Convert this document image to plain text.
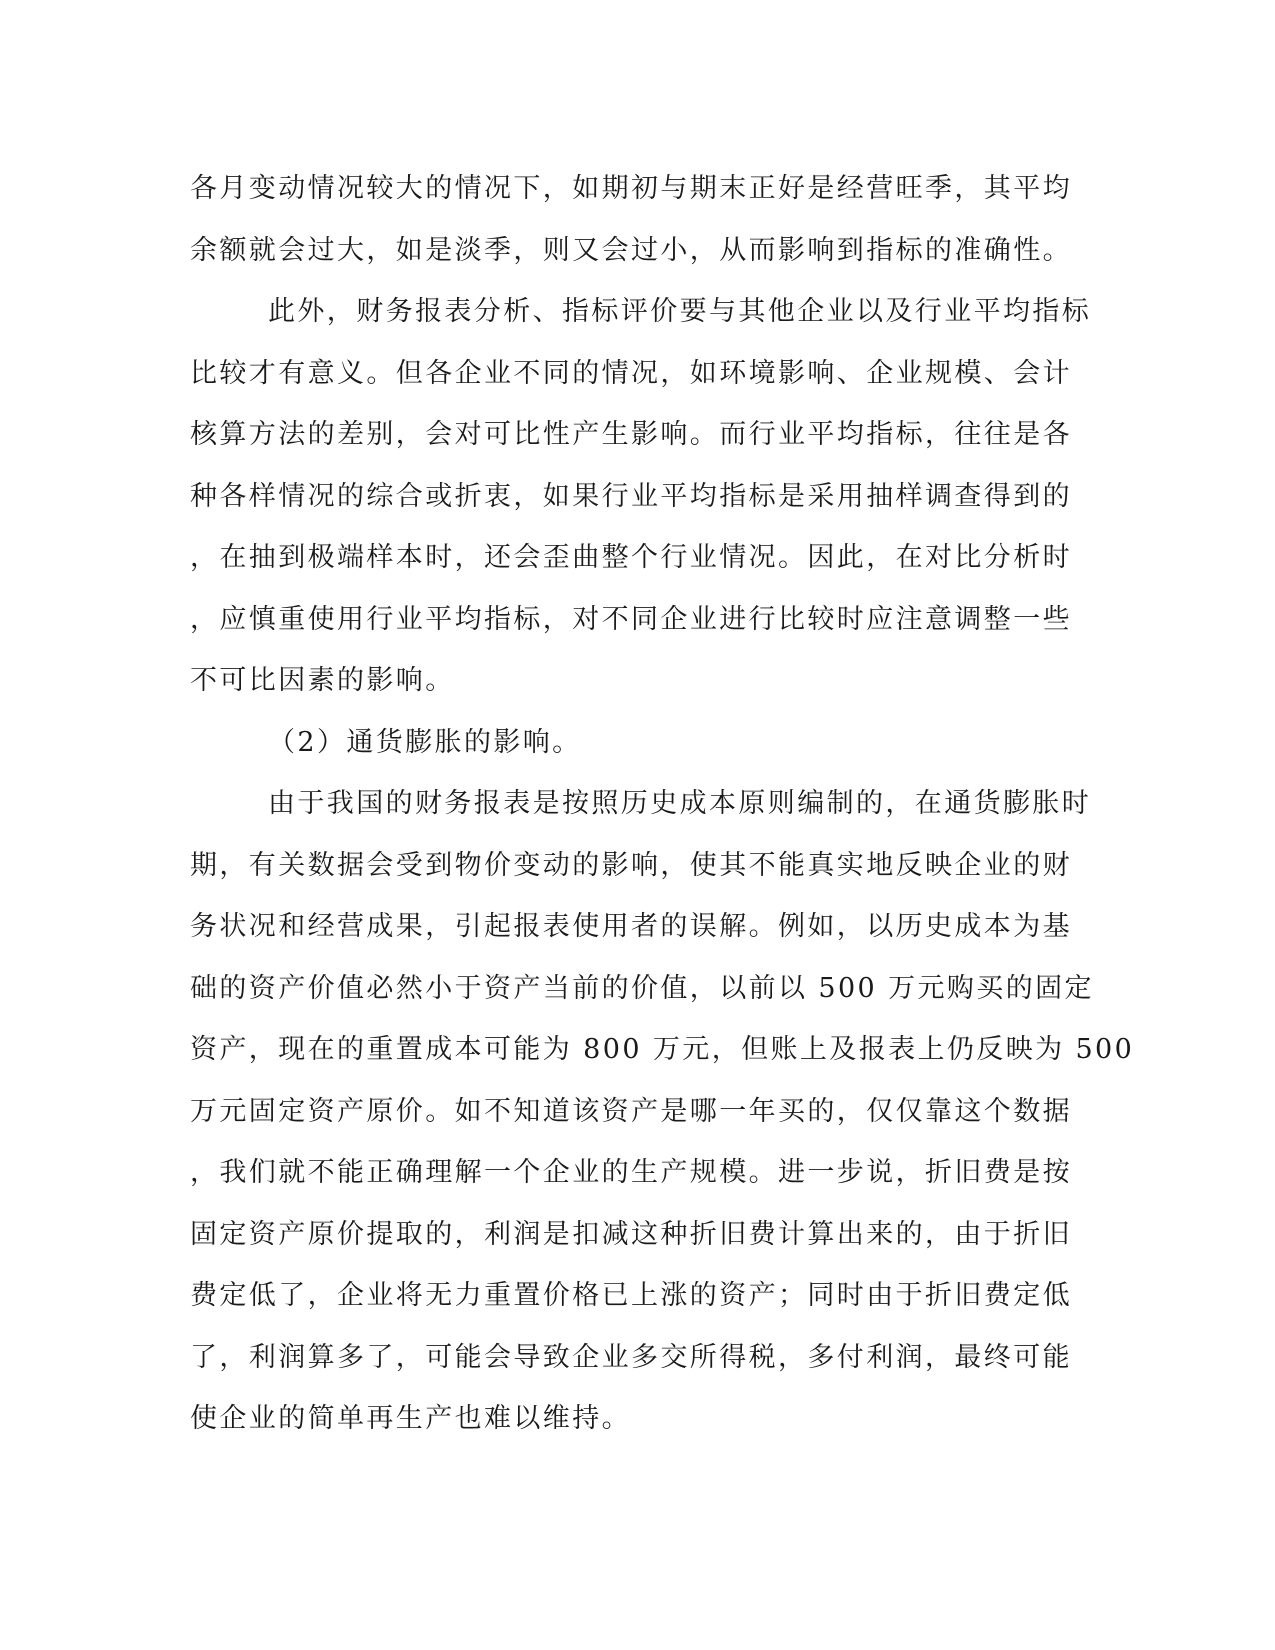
各月变动情况较大的情况下，如期初与期末正好是经营旺季，其平均
余额就会过大，如是淡季，则又会过小，从而影响到指标的准确性。
此外，财务报表分析、指标评价要与其他企业以及行业平均指标
比较才有意义。但各企业不同的情况，如环境影响、企业规模、会计
核算方法的差别，会对可比性产生影响。而行业平均指标，往往是各
种各样情况的综合或折衷，如果行业平均指标是采用抽样调查得到的
，在抽到极端样本时，还会歪曲整个行业情况。因此，在对比分析时
，应慎重使用行业平均指标，对不同企业进行比较时应注意调整一些
不可比因素的影响。
（2）通货膨胀的影响。
由于我国的财务报表是按照历史成本原则编制的，在通货膨胀时
期，有关数据会受到物价变动的影响，使其不能真实地反映企业的财
务状况和经营成果，引起报表使用者的误解。例如，以历史成本为基
础的资产价值必然小于资产当前的价值，以前以 500 万元购买的固定
资产，现在的重置成本可能为 800 万元，但账上及报表上仍反映为 500
万元固定资产原价。如不知道该资产是哪一年买的，仅仅靠这个数据
，我们就不能正确理解一个企业的生产规模。进一步说，折旧费是按
固定资产原价提取的，利润是扣减这种折旧费计算出来的，由于折旧
费定低了，企业将无力重置价格已上涨的资产；同时由于折旧费定低
了，利润算多了，可能会导致企业多交所得税，多付利润，最终可能
使企业的简单再生产也难以维持。
